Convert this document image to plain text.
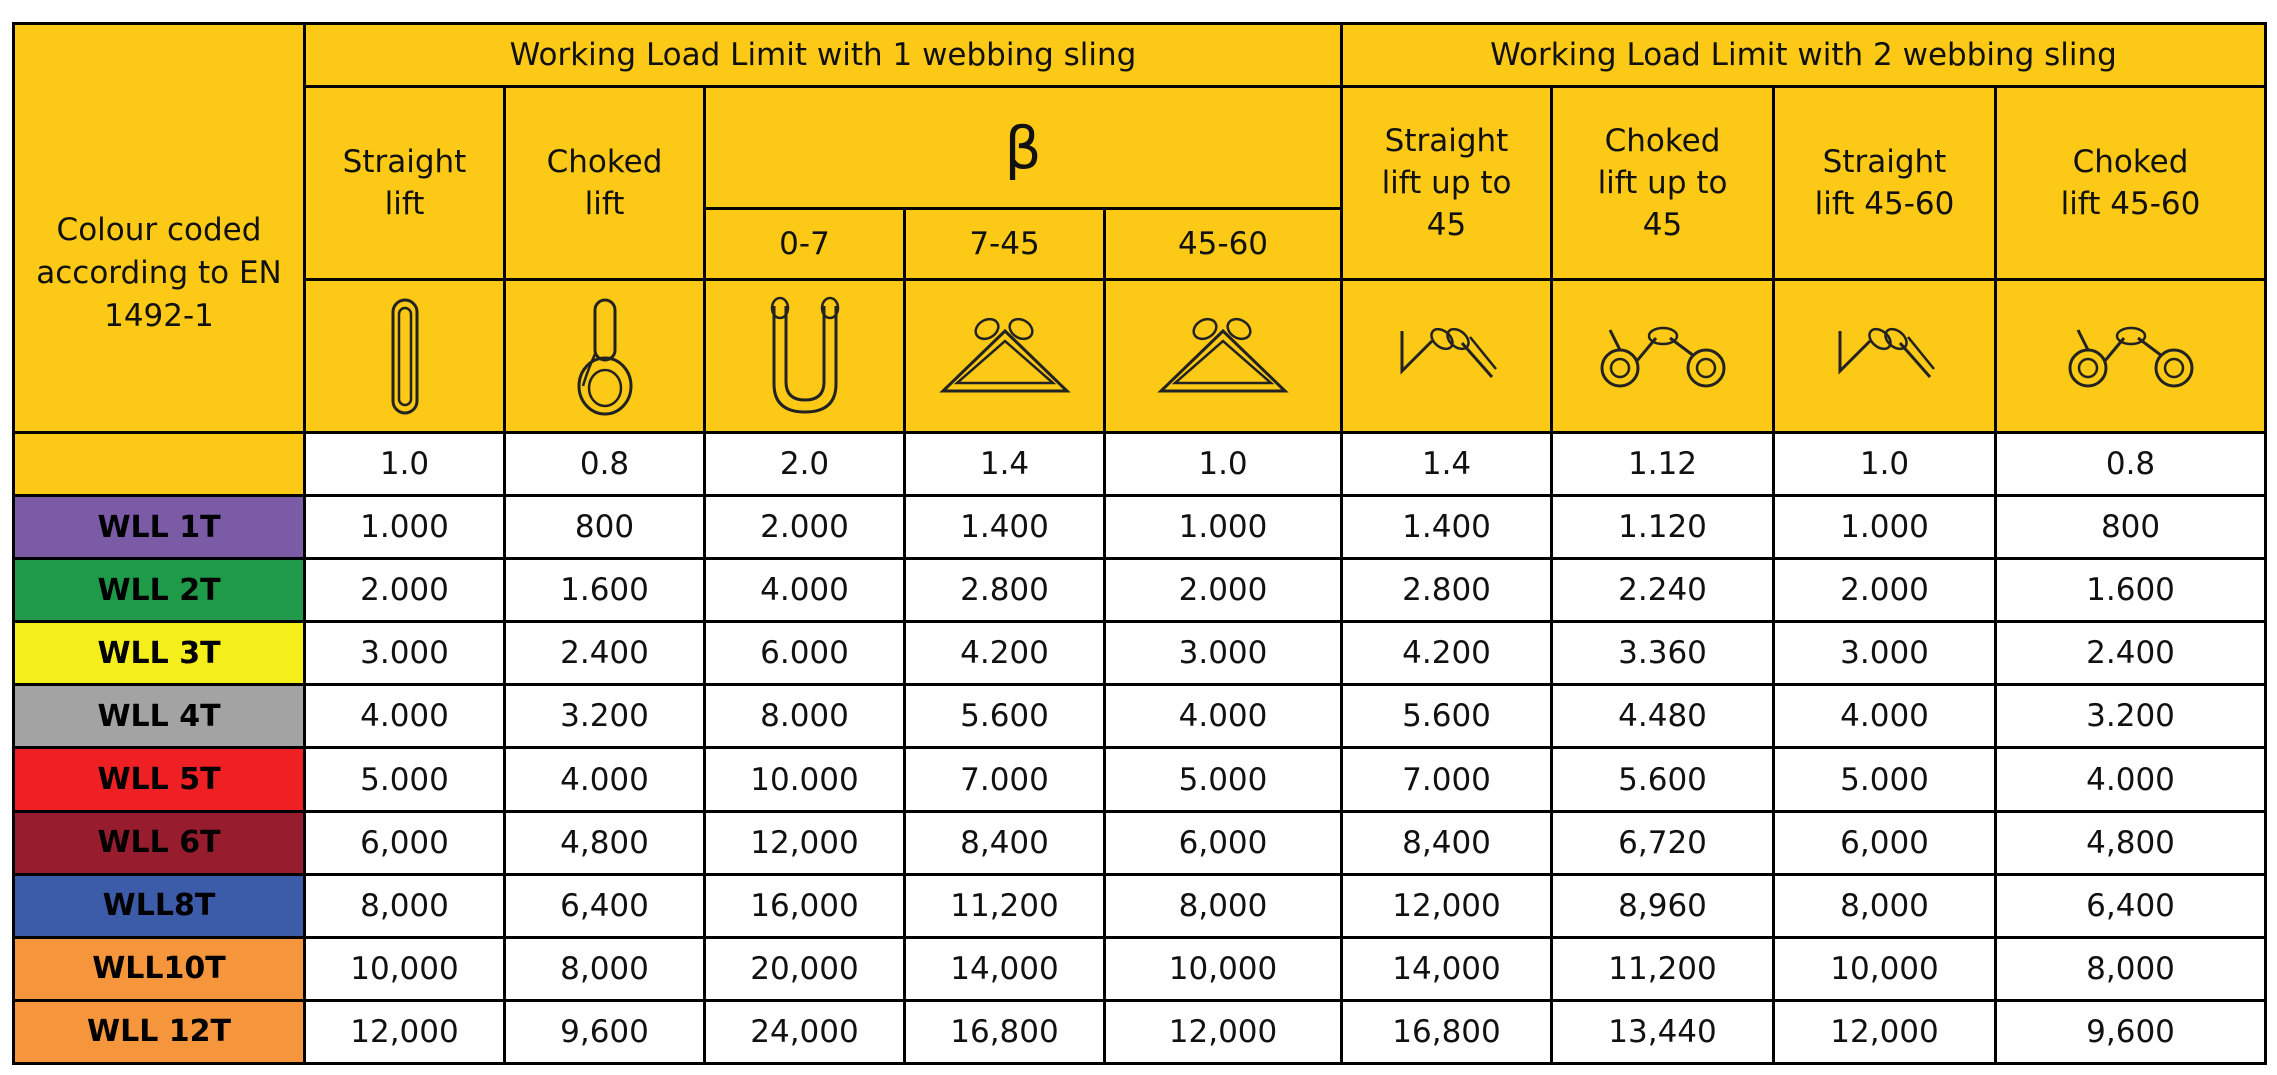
Colour coded according to EN 1492-1	Working Load Limit with 1 webbing sling					Working Load Limit with 2 webbing sling			

	Straight lift	Choked lift	β			Straight lift up to 45	Choked lift up to 45	Straight lift 45-60	Choked lift 45-60

			0-7	7-45	45-60				

	1.0	0.8	2.0	1.4	1.0	1.4	1.12	1.0	0.8
WLL 1T	1.000	800	2.000	1.400	1.000	1.400	1.120	1.000	800
WLL 2T	2.000	1.600	4.000	2.800	2.000	2.800	2.240	2.000	1.600
WLL 3T	3.000	2.400	6.000	4.200	3.000	4.200	3.360	3.000	2.400
WLL 4T	4.000	3.200	8.000	5.600	4.000	5.600	4.480	4.000	3.200
WLL 5T	5.000	4.000	10.000	7.000	5.000	7.000	5.600	5.000	4.000
WLL 6T	6,000	4,800	12,000	8,400	6,000	8,400	6,720	6,000	4,800
WLL8T	8,000	6,400	16,000	11,200	8,000	12,000	8,960	8,000	6,400
WLL10T	10,000	8,000	20,000	14,000	10,000	14,000	11,200	10,000	8,000
WLL 12T	12,000	9,600	24,000	16,800	12,000	16,800	13,440	12,000	9,600
